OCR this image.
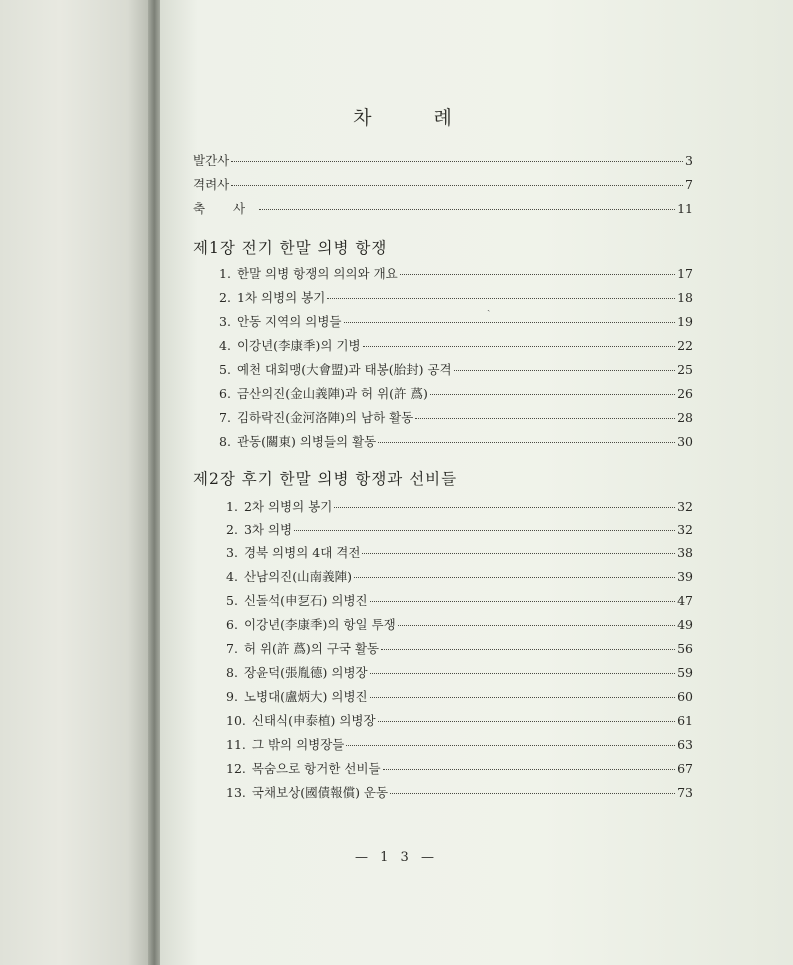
차 례
발간사	3
격려사	7
축 사	11
제1장 전기 한말 의병 항쟁
1. 한말 의병 항쟁의 의의와 개요	17
2. 1차 의병의 봉기	18
3. 안동 지역의 의병들	19
4. 이강년(李康秊)의 기병	22
5. 예천 대회맹(大會盟)과 태봉(胎封) 공격	25
6. 금산의진(金山義陣)과 허 위(許 蔿)	26
7. 김하락진(金河洛陣)의 남하 활동	28
8. 관동(關東) 의병들의 활동	30
제2장 후기 한말 의병 항쟁과 선비들
1. 2차 의병의 봉기	32
2. 3차 의병	32
3. 경북 의병의 4대 격전	38
4. 산남의진(山南義陣)	39
5. 신돌석(申乭石) 의병진	47
6. 이강년(李康秊)의 항일 투쟁	49
7. 허 위(許 蔿)의 구국 활동	56
8. 장윤덕(張胤德) 의병장	59
9. 노병대(盧炳大) 의병진	60
10. 신태식(申泰植) 의병장	61
11. 그 밖의 의병장들	63
12. 목숨으로 항거한 선비들	67
13. 국채보상(國債報償) 운동	73
ˎ
— 1 3 —
